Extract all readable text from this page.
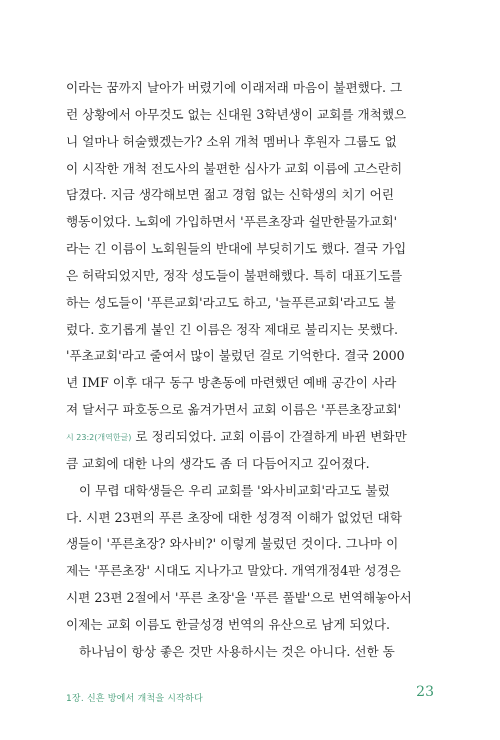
이라는 꿈까지 날아가 버렸기에 이래저래 마음이 불편했다. 그
런 상황에서 아무것도 없는 신대원 3학년생이 교회를 개척했으
니 얼마나 허술했겠는가? 소위 개척 멤버나 후원자 그룹도 없
이 시작한 개척 전도사의 불편한 심사가 교회 이름에 고스란히
담겼다. 지금 생각해보면 젊고 경험 없는 신학생의 치기 어린
행동이었다. 노회에 가입하면서 '푸른초장과 쉴만한물가교회'
라는 긴 이름이 노회원들의 반대에 부딪히기도 했다. 결국 가입
은 허락되었지만, 정작 성도들이 불편해했다. 특히 대표기도를
하는 성도들이 '푸른교회'라고도 하고, '늘푸른교회'라고도 불
렀다. 호기롭게 붙인 긴 이름은 정작 제대로 불리지는 못했다.
'푸초교회'라고 줄여서 많이 불렀던 걸로 기억한다. 결국 2000
년 IMF 이후 대구 동구 방촌동에 마련했던 예배 공간이 사라
져 달서구 파호동으로 옮겨가면서 교회 이름은 '푸른초장교회'
시 23:2(개역한글) 로 정리되었다. 교회 이름이 간결하게 바뀐 변화만
큼 교회에 대한 나의 생각도 좀 더 다듬어지고 깊어졌다.
이 무렵 대학생들은 우리 교회를 '와사비교회'라고도 불렀
다. 시편 23편의 푸른 초장에 대한 성경적 이해가 없었던 대학
생들이 '푸른초장? 와사비?' 이렇게 불렀던 것이다. 그나마 이
제는 '푸른초장' 시대도 지나가고 말았다. 개역개정4판 성경은
시편 23편 2절에서 '푸른 초장'을 '푸른 풀밭'으로 번역해놓아서
이제는 교회 이름도 한글성경 번역의 유산으로 남게 되었다.
하나님이 항상 좋은 것만 사용하시는 것은 아니다. 선한 동
1장. 신흔 방에서 개척을 시작하다	23
